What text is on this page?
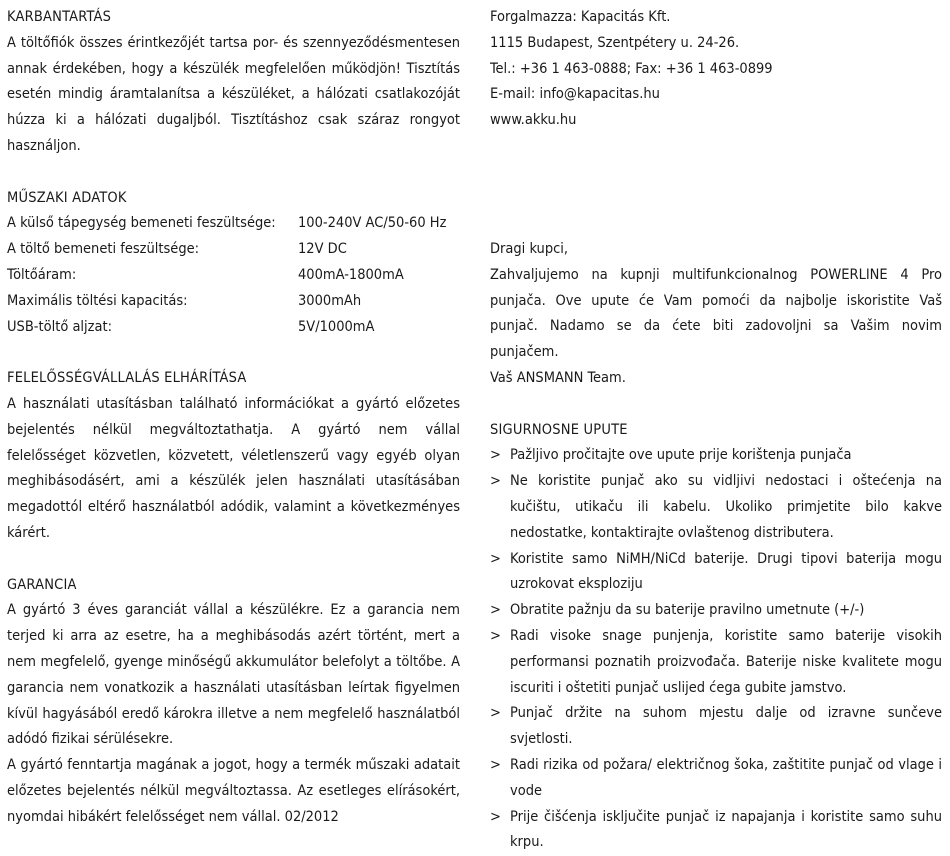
KARBANTARTÁS
A töltőfiók összes érintkezőjét tartsa por- és szennyeződésmentesen annak érdekében, hogy a készülék megfelelően működjön! Tisztítás esetén mindig áramtalanítsa a készüléket, a hálózati csatlakozóját húzza ki a hálózati dugaljból. Tisztításhoz csak száraz rongyot használjon.
MŰSZAKI ADATOK
A külső tápegység bemeneti feszültsége:	100-240V AC/50-60 Hz
A töltő bemeneti feszültsége:	12V DC
Töltőáram:	400mA-1800mA
Maximális töltési kapacitás:	3000mAh
USB-töltő aljzat:	5V/1000mA
FELELŐSSÉGVÁLLALÁS ELHÁRÍTÁSA
A használati utasításban található információkat a gyártó előzetes bejelentés nélkül megváltoztathatja. A gyártó nem vállal felelősséget közvetlen, közvetett, véletlenszerű vagy egyéb olyan meghibásodásért, ami a készülék jelen használati utasításában megadottól eltérő használatból adódik, valamint a következményes kárért.
GARANCIA
A gyártó 3 éves garanciát vállal a készülékre. Ez a garancia nem terjed ki arra az esetre, ha a meghibásodás azért történt, mert a nem megfelelő, gyenge minőségű akkumulátor belefolyt a töltőbe. A garancia nem vonatkozik a használati utasításban leírtak figyelmen kívül hagyásából eredő károkra illetve a nem megfelelő használatból adódó fizikai sérülésekre.
A gyártó fenntartja magának a jogot, hogy a termék műszaki adatait előzetes bejelentés nélkül megváltoztassa. Az esetleges elírásokért, nyomdai hibákért felelősséget nem vállal. 02/2012
Forgalmazza: Kapacitás Kft.
1115 Budapest, Szentpétery u. 24-26.
Tel.: +36 1 463-0888; Fax: +36 1 463-0899
E-mail: info@kapacitas.hu
www.akku.hu
Dragi kupci,
Zahvaljujemo na kupnji multifunkcionalnog POWERLINE 4 Pro punjača. Ove upute će Vam pomoći da najbolje iskoristite Vaš punjač. Nadamo se da ćete biti zadovoljni sa Vašim novim punjačem.
Vaš ANSMANN Team.
SIGURNOSNE UPUTE
> Pažljivo pročitajte ove upute prije korištenja punjača
> Ne koristite punjač ako su vidljivi nedostaci i oštećenja na kučištu, utikaču ili kabelu. Ukoliko primjetite bilo kakve nedostatke, kontaktirajte ovlaštenog distributera.
> Koristite samo NiMH/NiCd baterije. Drugi tipovi baterija mogu uzrokovat eksploziju
> Obratite pažnju da su baterije pravilno umetnute (+/-)
> Radi visoke snage punjenja, koristite samo baterije visokih performansi poznatih proizvođača. Baterije niske kvalitete mogu iscuriti i oštetiti punjač uslijed ćega gubite jamstvo.
> Punjač držite na suhom mjestu dalje od izravne sunčeve svjetlosti.
> Radi rizika od požara/ električnog šoka, zaštitite punjač od vlage i vode
> Prije čišćenja isključite punjač iz napajanja i koristite samo suhu krpu.
